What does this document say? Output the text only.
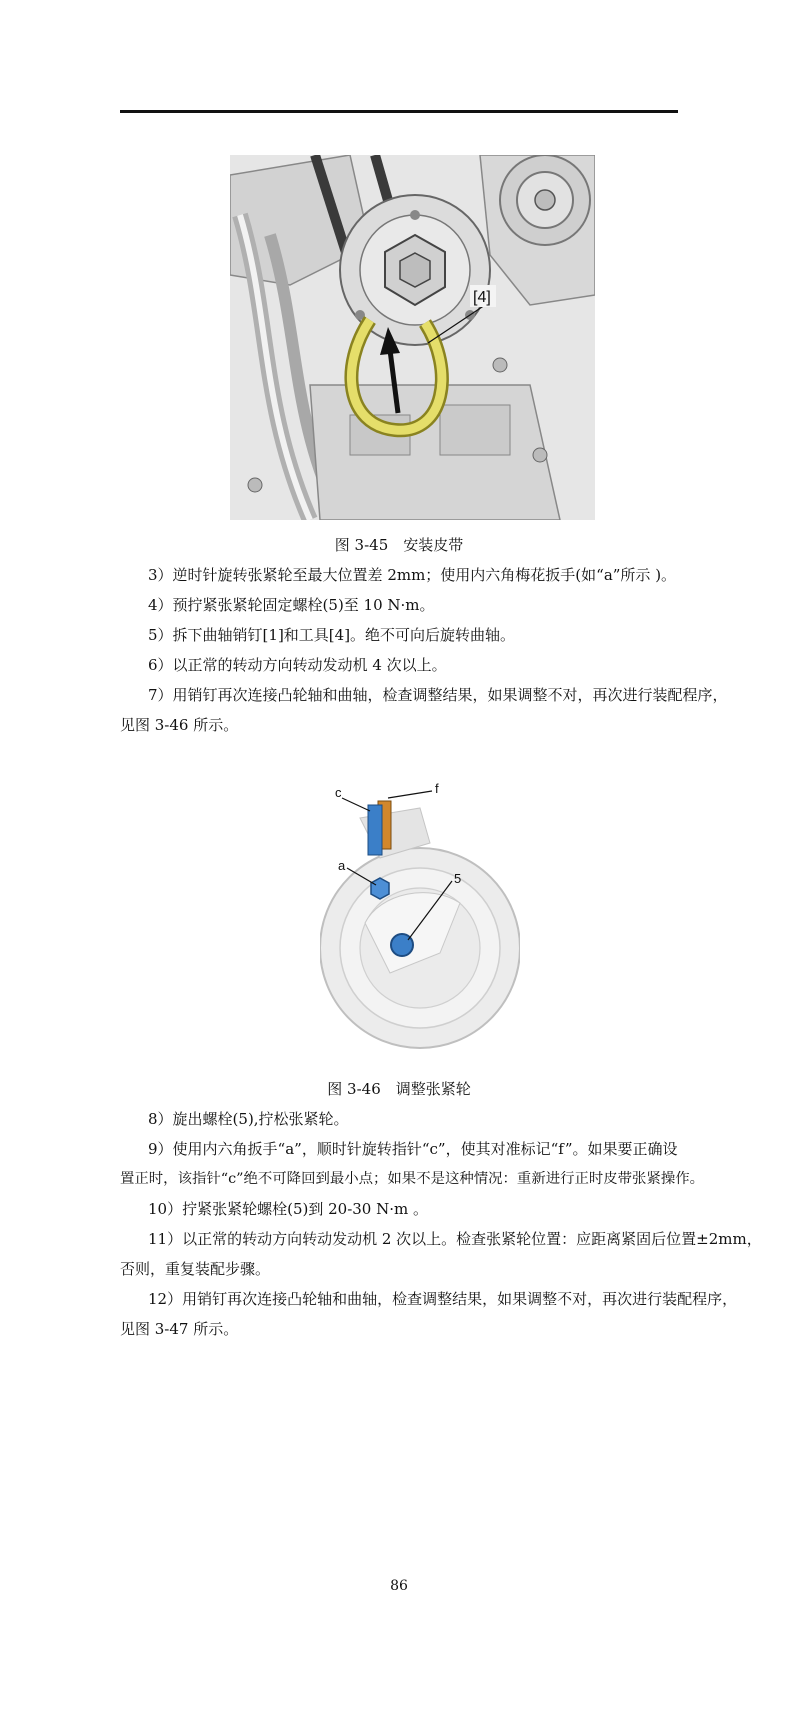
[4]
图 3-45　安装皮带
3）逆时针旋转张紧轮至最大位置差 2mm；使用内六角梅花扳手(如“a”所示 )。
4）预拧紧张紧轮固定螺栓(5)至 10 N·m。
5）拆下曲轴销钉[1]和工具[4]。绝不可向后旋转曲轴。
6）以正常的转动方向转动发动机 4 次以上。
7）用销钉再次连接凸轮轴和曲轴，检查调整结果，如果调整不对，再次进行装配程序，
见图 3-46 所示。
c	f
a
5
图 3-46　调整张紧轮
8）旋出螺栓(5),拧松张紧轮。
9）使用内六角扳手“a”，顺时针旋转指针“c”，使其对准标记“f”。如果要正确设
置正时，该指针“c”绝不可降回到最小点；如果不是这种情况：重新进行正时皮带张紧操作。
10）拧紧张紧轮螺栓(5)到 20-30 N·m 。
11）以正常的转动方向转动发动机 2 次以上。检查张紧轮位置：应距离紧固后位置±2mm，
否则，重复装配步骤。
12）用销钉再次连接凸轮轴和曲轴，检查调整结果，如果调整不对，再次进行装配程序，
见图 3-47 所示。
86
